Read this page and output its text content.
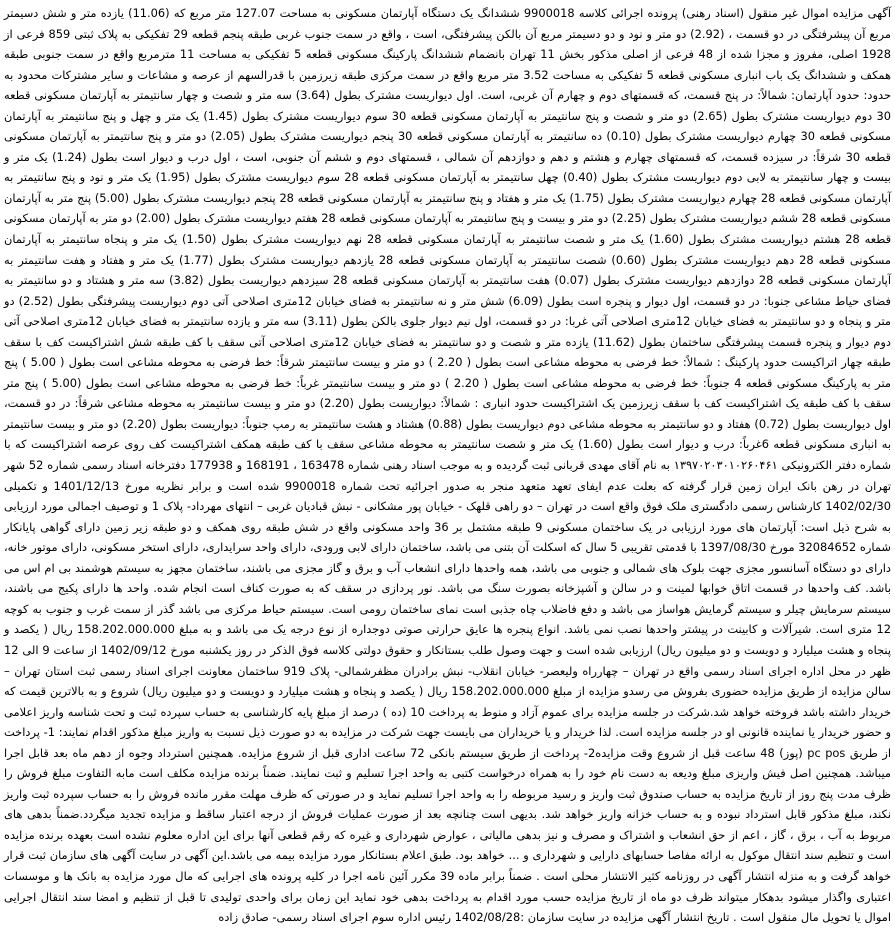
آگهی مزایده اموال غیر منقول (اسناد رهنی) پرونده اجرائی کلاسه 9900018 ششدانگ یک دستگاه آپارتمان مسکونی به مساحت 127.07 متر مربع که (11.06) یازده متر و شش دسیمتر مربع آن پیشرفتگی در دو قسمت ، (2.92) دو متر و نود و دو دسیمتر مربع آن بالکن پیشرفتگی، است ، واقع در سمت جنوب غربی طبقه پنجم قطعه 29 تفکیکی به پلاک ثبتی 859 فرعی از 1928 اصلی، مفروز و مجزا شده از 48 فرعی از اصلی مذکور بخش 11 تهران بانضمام ششدانگ پارکینگ مسکونی قطعه 5 تفکیکی به مساحت 11 مترمربع واقع در سمت جنوبی طبقه همکف و ششدانگ یک باب انباری مسکونی قطعه 5 تفکیکی به مساحت 3.52 متر مربع واقع در سمت مرکزی طبقه زیرزمین با قدرالسهم از عرصه و مشاعات و سایر مشترکات محدود به حدود: حدود آپارتمان: شمالاً: در پنج قسمت، که قسمتهای دوم و چهارم آن غربی، است. اول دیواریست مشترک بطول (3.64) سه متر و شصت و چهار سانتیمتر به آپارتمان مسکونی قطعه 30 دوم دیواریست مشترک بطول (2.65) دو متر و شصت و پنج سانتیمتر به آپارتمان مسکونی قطعه 30 سوم دیواریست مشترک بطول (1.45) یک متر و چهل و پنج سانتیمتر به آپارتمان مسکونی قطعه 30 چهارم دیواریست مشترک بطول (0.10) ده سانتیمتر به آپارتمان مسکونی قطعه 30 پنجم دیواریست مشترک بطول (2.05) دو متر و پنج سانتیمتر به آپارتمان مسکونی قطعه 30 شرقاً: در سیزده قسمت، که قسمتهای چهارم و هشتم و دهم و دوازدهم آن شمالی ، قسمتهای دوم و ششم آن جنوبی، است ، اول درب و دیوار است بطول (1.24) یک متر و بیست و چهار سانتیمتر به لابی دوم دیواریست مشترک بطول (0.40) چهل سانتیمتر به آپارتمان مسکونی قطعه 28 سوم دیواریست مشترک بطول (1.95) یک متر و نود و پنج سانتیمتر به آپارتمان مسکونی قطعه 28 چهارم دیواریست مشترک بطول (1.75) یک متر و هفتاد و پنج سانتیمتر به آپارتمان مسکونی قطعه 28 پنجم دیواریست مشترک بطول (5.00) پنج متر به آپارتمان مسکونی قطعه 28 ششم دیواریست مشترک بطول (2.25) دو متر و بیست و پنج سانتیمتر به آپارتمان مسکونی قطعه 28 هفتم دیواریست مشترک بطول (2.00) دو متر به آپارتمان مسکونی قطعه 28 هشتم دیواریست مشترک بطول (1.60) یک متر و شصت سانتیمتر به آپارتمان مسکونی قطعه 28 نهم دیواریست مشترک بطول (1.50) یک متر و پنجاه سانتیمتر به آپارتمان مسکونی قطعه 28 دهم دیواریست مشترک بطول (0.60) شصت سانتیمتر به آپارتمان مسکونی قطعه 28 یازدهم دیواریست مشترک بطول (1.77) یک متر و هفتاد و هفت سانتیمتر به آپارتمان مسکونی قطعه 28 دوازدهم دیواریست مشترک بطول (0.07) هفت سانتیمتر به آپارتمان مسکونی قطعه 28 سیزدهم دیواریست بطول (3.82) سه متر و هشتاد و دو سانتیمتر به فضای حیاط مشاعی جنوبا: در دو قسمت، اول دیوار و پنجره است بطول (6.09) شش متر و نه سانتیمتر به فضای خیابان 12متری اصلاحی آتی دوم دیواریست پیشرفتگی بطول (2.52) دو متر و پنجاه و دو سانتیمتر به فضای خیابان 12متری اصلاحی آتی غربا: در دو قسمت، اول نیم دیوار جلوی بالکن بطول (3.11) سه متر و یازده سانتیمتر به فضای خیابان 12متری اصلاحی آتی دوم دیوار و پنجره قسمت پیشرفتگی ساختمان بطول (11.62) یازده متر و شصت و دو سانتیمتر به فضای خیابان 12متری اصلاحی آتی سقف با کف طبقه شش اشتراکیست کف با سقف طبقه چهار اتراکیست حدود پارکینگ : شمالاً: خط فرضی به محوطه مشاعی است بطول ( 2.20 ) دو متر و بیست سانتیمتر شرقاً: خط فرضی به محوطه مشاعی است بطول ( 5.00 ) پنج متر به پارکینگ مسکونی قطعه 4 جنوباً: خط فرضی به محوطه مشاعی است بطول ( 2.20 ) دو متر و بیست سانتیمتر غرباً: خط فرضی به محوطه مشاعی است بطول (5.00 ) پنج متر سقف با کف طبقه یک اشتراکیست کف با سقف زیرزمین یک اشتراکیست حدود انباری : شمالاً: دیواریست بطول (2.20) دو متر و بیست سانتیمتر به محوطه مشاعی شرقاً: در دو قسمت، اول دیواریست بطول (0.72) هفتاد و دو سانتیمتر به محوطه مشاعی دوم دیواریست بطول (0.88) هشتاد و هشت سانتیمتر به رمپ جنوباً: دیواریست بطول (2.20) دو متر و بیست سانتیمتر به انباری مسکونی قطعه 6غرباً: درب و دیوار است بطول (1.60) یک متر و شصت سانتیمتر به محوطه مشاعی سقف با کف طبقه همکف اشتراکیست کف روی عرصه اشتراکیست که با شماره دفتر الکترونیکی ۱۳۹۷۰۲۰۳۰۱۰۲۶۰۴۶۱ به نام آقای مهدی قربانی ثبت گردیده و به موجب اسناد رهنی شماره 163478 ، 168191 و 177938 دفترخانه اسناد رسمی شماره 52 شهر تهران در رهن بانک ایران زمین قرار گرفته که بعلت عدم ایفای تعهد متعهد منجر به صدور اجرائیه تحت شماره 9900018 شده است و برابر نظریه مورخ 1401/12/13 و تکمیلی 1402/02/30 کارشناس رسمی دادگستری ملک فوق واقع است در تهران – دو راهی قلهک - خیابان پور مشکانی - نبش قبادیان غربی – انتهای مهرداد- پلاک 1 و توصیف اجمالی مورد ارزیابی به شرح ذیل است: آپارتمان های مورد ارزیابی در یک ساختمان مسکونی 9 طبقه مشتمل بر 36 واحد مسکونی واقع در شش طبقه روی همکف و دو طبقه زیر زمین دارای گواهی پایانکار شماره 32084652 مورخ 1397/08/30 با قدمتی تقریبی 5 سال که اسکلت آن بتنی می باشد، ساختمان دارای لابی ورودی، دارای واحد سرایداری، دارای استخر مسکونی، دارای موتور خانه، دارای دو دستگاه آسانسور مجزی جهت بلوک های شمالی و جنوبی می باشد، همه واحدها دارای انشعاب آب و برق و گاز مجزی می باشند، ساختمان مجهز به سیستم هوشمند بی ام اس می باشد. کف واحدها در قسمت اتاق خوابها لمینت و در سالن و آشپزخانه بصورت سنگ می باشد. نور پردازی در سقف که به صورت کناف است انجام شده. واحد ها دارای پکیج می باشند، سیستم سرمایش چیلر و سیستم گرمایش هواساز می باشد و دفع فاضلاب چاه جذبی است نمای ساختمان رومی است. سیستم حیاط مرکزی می باشد گذر از سمت غرب و جنوب به کوچه 12 متری است. شیرآلات و کابینت در پیشتر واحدها نصب نمی باشد. انواع پنجره ها عایق حرارتی صوتی دوجداره از نوع درجه یک می باشد و به مبلغ 158.202.000.000 ریال ( یکصد و پنجاه و هشت میلیارد و دویست و دو میلیون ریال) ارزیابی شده است و جهت وصول طلب بستانکار و حقوق دولتی کلاسه فوق الذکر در روز یکشنبه مورخ 1402/09/12 از ساعت 9 الی 12 ظهر در محل اداره اجرای اسناد رسمی واقع در تهران – چهارراه ولیعصر- خیابان انقلاب- نبش برادران مظفرشمالی- پلاک 919 ساختمان معاونت اجرای اسناد رسمی ثبت استان تهران – سالن مزایده از طریق مزایده حضوری بفروش می رسدو مزایده از مبلغ 158.202.000.000 ریال ( یکصد و پنجاه و هشت میلیارد و دویست و دو میلیون ریال) شروع و به بالاترین قیمت که خریدار داشته باشد فروخته خواهد شد.شرکت در جلسه مزایده برای عموم آزاد و منوط به پرداخت 10 (ده ) درصد از مبلغ پایه کارشناسی به حساب سپرده ثبت و تحت شناسه واریز اعلامی و حضور خریدار یا نماینده قانونی او در جلسه مزایده است. لذا خریدار و یا خریداران می بایست جهت شرکت در مزایده به دو صورت ذیل نسبت به واریز مبلغ مذکور اقدام نمایند: 1- پرداخت از طریق pc pos (پوز) 48 ساعت قبل از شروع وقت مزایده2- پرداخت از طریق سیستم بانکی 72 ساعت اداری قبل از شروع مزایده. همچنین استرداد وجوه از دهم ماه بعد قابل اجرا میباشد. همچنین اصل فیش واریزی مبلغ ودیعه به دست نام خود را به همراه درخواست کتبی به واحد اجرا تسلیم و ثبت نمایند. ضمناً برنده مزایده مکلف است مابه التفاوت مبلغ فروش را ظرف مدت پنج روز از تاریخ مزایده به حساب صندوق ثبت واریز و رسید مربوطه را به واحد اجرا تسلیم نماید و در صورتی که ظرف مهلت مقرر مانده فروش را به حساب سپرده ثبت واریز نکند، مبلغ مذکور قابل استرداد نبوده و به حساب خزانه واریز خواهد شد. بدیهی است چنانچه بعد از صورت عملیات فروش از درجه اعتبار ساقط و مزایده تجدید میگردد.ضمناً بدهی های مربوط به آب ، برق ، گاز ، اعم از حق انشعاب و اشتراک و مصرف و نیز بدهی مالیاتی ، عوارض شهرداری و غیره که رقم قطعی آنها برای این اداره معلوم نشده است بعهده برنده مزایده است و تنظیم سند انتقال موکول به ارائه مفاصا حسابهای دارایی و شهرداری و ... خواهد بود. طبق اعلام بستانکار مورد مزایده بیمه می باشد.این آگهی در سایت آگهی های سازمان ثبت قرار خواهد گرفت و به منزله انتشار آگهی در روزنامه کثیر الانتشار محلی است . ضمناً برابر ماده 39 مکرر آئین نامه اجرا در کلیه پرونده های اجرایی که مال مورد مزایده به بانک ها و موسسات اعتباری واگذار میشود بدهکار میتواند ظرف دو ماه از تاریخ مزایده حسب مورد اقدام به پرداخت بدهی خود نماید این زمان برای واحدی تولیدی تا قبل از تنظیم و امضا سند انتقال اجرایی اموال یا تحویل مال منقول است . تاریخ انتشار آگهی مزایده در سایت سازمان :1402/08/28 رئیس اداره سوم اجرای اسناد رسمی- صادق زاده
